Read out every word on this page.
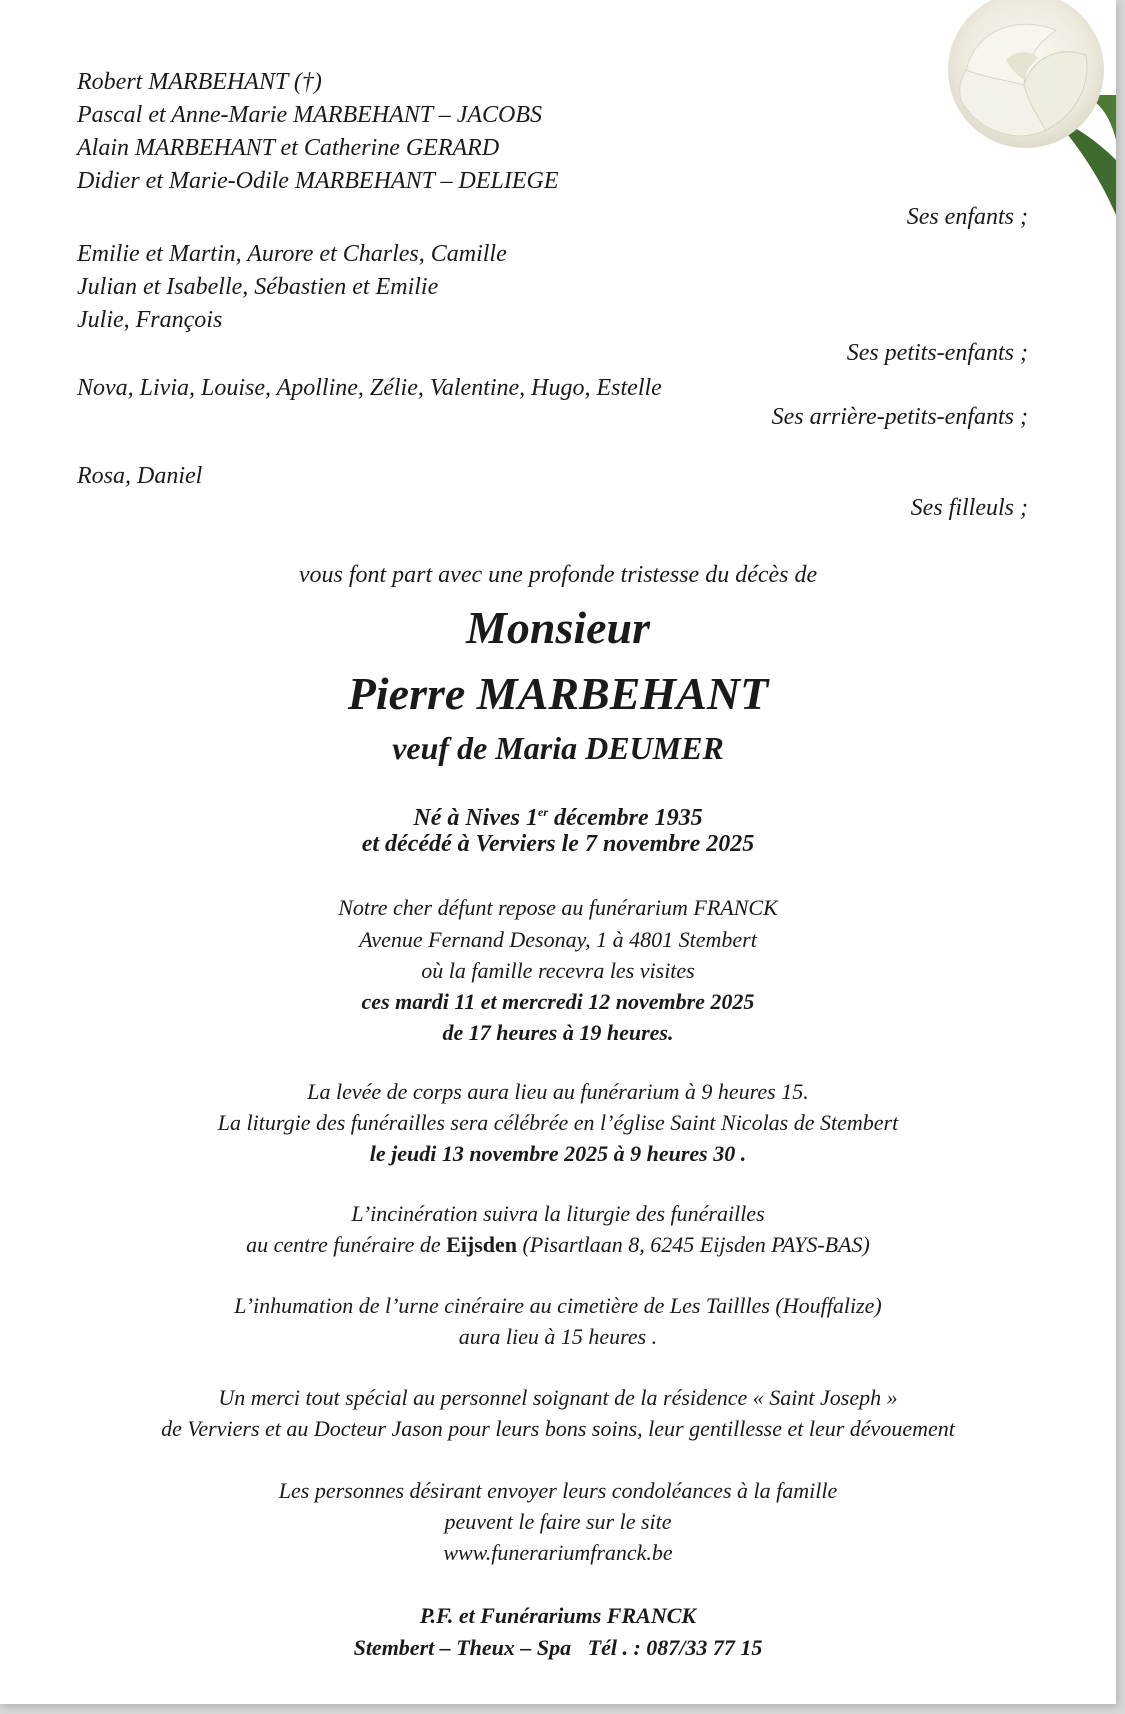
Robert MARBEHANT (†)
Pascal et Anne-Marie MARBEHANT – JACOBS
Alain MARBEHANT et Catherine GERARD
Didier et Marie-Odile MARBEHANT – DELIEGE
Ses enfants ;
Emilie et Martin, Aurore et Charles, Camille
Julian et Isabelle, Sébastien et Emilie
Julie, François
Ses petits-enfants ;
Nova, Livia, Louise, Apolline, Zélie, Valentine, Hugo, Estelle
Ses arrière-petits-enfants ;
Rosa, Daniel
Ses filleuls ;
vous font part avec une profonde tristesse du décès de
Monsieur
Pierre MARBEHANT
veuf de Maria DEUMER
Né à Nives 1er décembre 1935
et décédé à Verviers le 7 novembre 2025
Notre cher défunt repose au funérarium FRANCK
Avenue Fernand Desonay, 1 à 4801 Stembert
où la famille recevra les visites
ces mardi 11 et mercredi 12 novembre 2025
de 17 heures à 19 heures.
La levée de corps aura lieu au funérarium à 9 heures 15.
La liturgie des funérailles sera célébrée en l’église Saint Nicolas de Stembert
le jeudi 13 novembre 2025 à 9 heures 30 .
L’incinération suivra la liturgie des funérailles
au centre funéraire de Eijsden (Pisartlaan 8, 6245 Eijsden PAYS-BAS)
L’inhumation de l’urne cinéraire au cimetière de Les Taillles (Houffalize)
aura lieu à 15 heures .
Un merci tout spécial au personnel soignant de la résidence « Saint Joseph »
de Verviers et au Docteur Jason pour leurs bons soins, leur gentillesse et leur dévouement
Les personnes désirant envoyer leurs condoléances à la famille
peuvent le faire sur le site
www.funerariumfranck.be
P.F. et Funérariums FRANCK
Stembert – Theux – Spa   Tél . : 087/33 77 15
